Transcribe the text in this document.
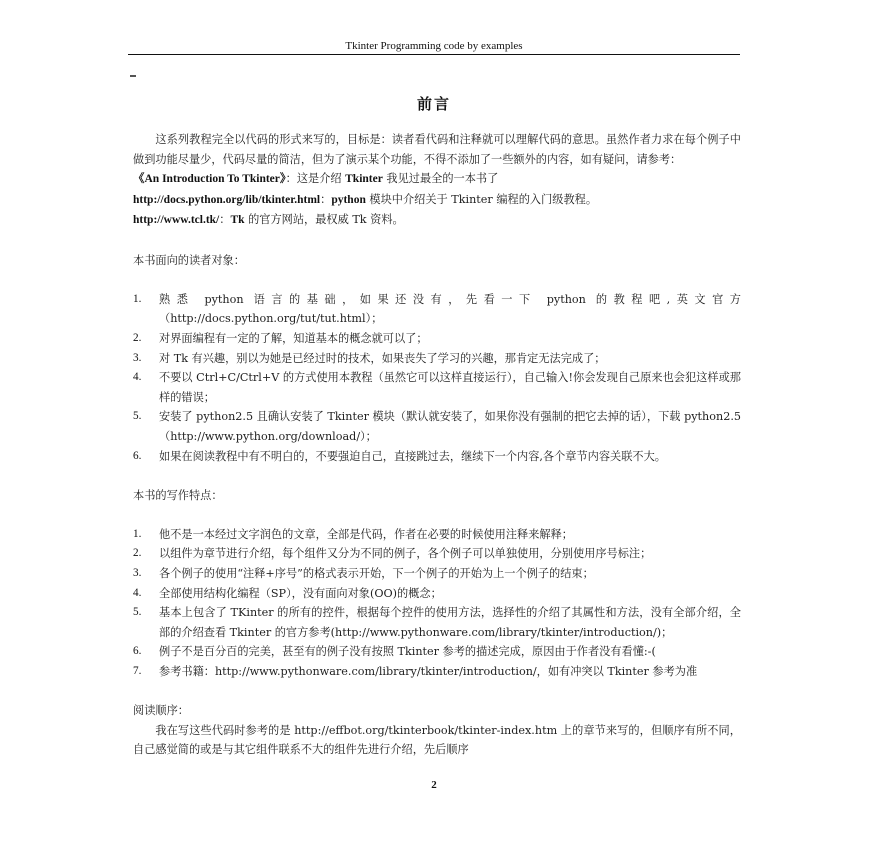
Tkinter Programming code by examples
前言

这系列教程完全以代码的形式来写的，目标是：读者看代码和注释就可以理解代码的意思。虽然作者力求在每个例子中做到功能尽量少，代码尽量的简洁，但为了演示某个功能，不得不添加了一些额外的内容，如有疑问，请参考：

《An Introduction To Tkinter》：这是介绍 Tkinter 我见过最全的一本书了

http://docs.python.org/lib/tkinter.html：python 模块中介绍关于 Tkinter 编程的入门级教程。

http://www.tcl.tk/：Tk 的官方网站，最权威 Tk 资料。

本书面向的读者对象：

1. 熟悉 python 语言的基础，如果还没有，先看一下 python 的教程吧,英文官方（http://docs.python.org/tut/tut.html）；
2. 对界面编程有一定的了解，知道基本的概念就可以了；
3. 对 Tk 有兴趣，别以为她是已经过时的技术，如果丧失了学习的兴趣，那肯定无法完成了；
4. 不要以 Ctrl+C/Ctrl+V 的方式使用本教程（虽然它可以这样直接运行），自己输入!你会发现自己原来也会犯这样或那样的错误；
5. 安装了 python2.5 且确认安装了 Tkinter 模块（默认就安装了，如果你没有强制的把它去掉的话），下载 python2.5（http://www.python.org/download/）；
6. 如果在阅读教程中有不明白的，不要强迫自己，直接跳过去，继续下一个内容,各个章节内容关联不大。

本书的写作特点：

1. 他不是一本经过文字润色的文章，全部是代码，作者在必要的时候使用注释来解释；
2. 以组件为章节进行介绍，每个组件又分为不同的例子，各个例子可以单独使用，分别使用序号标注；
3. 各个例子的使用“注释+序号”的格式表示开始，下一个例子的开始为上一个例子的结束；
4. 全部使用结构化编程（SP），没有面向对象(OO)的概念；
5. 基本上包含了 TKinter 的所有的控件，根据每个控件的使用方法，选择性的介绍了其属性和方法，没有全部介绍，全部的介绍查看 Tkinter 的官方参考(http://www.pythonware.com/library/tkinter/introduction/)；
6. 例子不是百分百的完美，甚至有的例子没有按照 Tkinter 参考的描述完成，原因由于作者没有看懂:-(
7. 参考书籍：http://www.pythonware.com/library/tkinter/introduction/，如有冲突以 Tkinter 参考为准

阅读顺序：

我在写这些代码时参考的是 http://effbot.org/tkinterbook/tkinter-index.htm 上的章节来写的，但顺序有所不同，自己感觉简的或是与其它组件联系不大的组件先进行介绍，先后顺序

2
